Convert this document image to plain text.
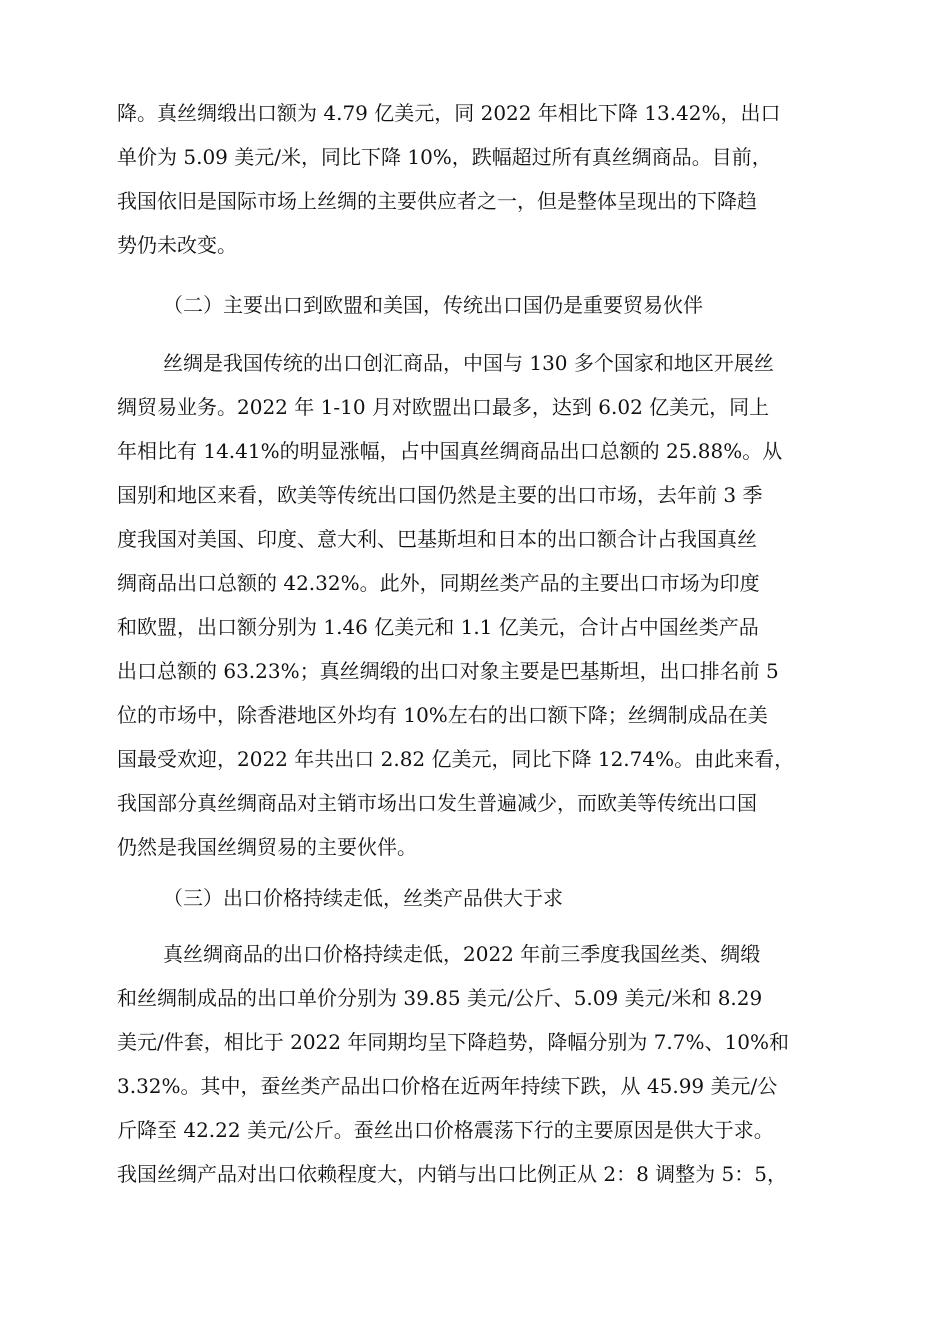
降。真丝绸缎出口额为 4.79 亿美元，同 2022 年相比下降 13.42%，出口
单价为 5.09 美元/米，同比下降 10%，跌幅超过所有真丝绸商品。目前，
我国依旧是国际市场上丝绸的主要供应者之一，但是整体呈现出的下降趋
势仍未改变。
（二）主要出口到欧盟和美国，传统出口国仍是重要贸易伙伴
丝绸是我国传统的出口创汇商品，中国与 130 多个国家和地区开展丝
绸贸易业务。2022 年 1-10 月对欧盟出口最多，达到 6.02 亿美元，同上
年相比有 14.41%的明显涨幅，占中国真丝绸商品出口总额的 25.88%。从
国别和地区来看，欧美等传统出口国仍然是主要的出口市场，去年前 3 季
度我国对美国、印度、意大利、巴基斯坦和日本的出口额合计占我国真丝
绸商品出口总额的 42.32%。此外，同期丝类产品的主要出口市场为印度
和欧盟，出口额分别为 1.46 亿美元和 1.1 亿美元，合计占中国丝类产品
出口总额的 63.23%；真丝绸缎的出口对象主要是巴基斯坦，出口排名前 5
位的市场中，除香港地区外均有 10%左右的出口额下降；丝绸制成品在美
国最受欢迎，2022 年共出口 2.82 亿美元，同比下降 12.74%。由此来看，
我国部分真丝绸商品对主销市场出口发生普遍减少，而欧美等传统出口国
仍然是我国丝绸贸易的主要伙伴。
（三）出口价格持续走低，丝类产品供大于求
真丝绸商品的出口价格持续走低，2022 年前三季度我国丝类、绸缎
和丝绸制成品的出口单价分别为 39.85 美元/公斤、5.09 美元/米和 8.29
美元/件套，相比于 2022 年同期均呈下降趋势，降幅分别为 7.7%、10%和
3.32%。其中，蚕丝类产品出口价格在近两年持续下跌，从 45.99 美元/公
斤降至 42.22 美元/公斤。蚕丝出口价格震荡下行的主要原因是供大于求。
我国丝绸产品对出口依赖程度大，内销与出口比例正从 2：8 调整为 5：5，
